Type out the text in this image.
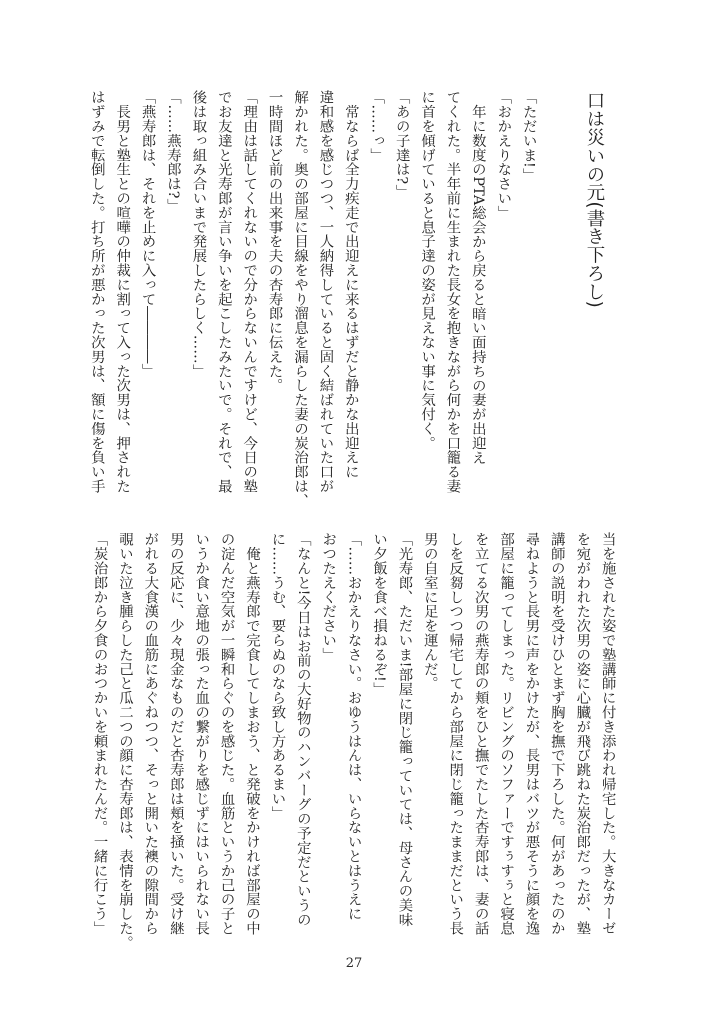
口は災いの元(書き下ろし)
「ただいま!」
「おかえりなさい」
　年に数度のPTA総会から戻ると暗い面持ちの妻が出迎え
てくれた。半年前に生まれた長女を抱きながら何かを口籠る妻
に首を傾げていると息子達の姿が見えない事に気付く。
「あの子達は?」
「……っ」
　常ならば全力疾走で出迎えに来るはずだと静かな出迎えに
違和感を感じつつ、一人納得していると固く結ばれていた口が
解かれた。奥の部屋に目線をやり溜息を漏らした妻の炭治郎は、
一時間ほど前の出来事を夫の杏寿郎に伝えた。
「理由は話してくれないので分からないんですけど、今日の塾
でお友達と光寿郎が言い争いを起こしたみたいで。それで、最
後は取っ組み合いまで発展したらしく……」
「……燕寿郎は?」
「燕寿郎は、それを止めに入って――――」
　長男と塾生との喧嘩の仲裁に割って入った次男は、押された
はずみで転倒した。打ち所が悪かった次男は、額に傷を負い手
当を施された姿で塾講師に付き添われ帰宅した。大きなカーゼ
を宛がわれた次男の姿に心臓が飛び跳ねた炭治郎だったが、塾
講師の説明を受けひとまず胸を撫で下ろした。何があったのか
尋ねようと長男に声をかけたが、長男はバツが悪そうに顔を逸
部屋に籠ってしまった。リビングのソファーですぅすぅと寝息
を立てる次男の燕寿郎の頬をひと撫でたした杏寿郎は、妻の話
しを反芻しつつ帰宅してから部屋に閉じ籠ったままだという長
男の自室に足を運んだ。
「光寿郎、ただいま!部屋に閉じ籠っていては、母さんの美味
い夕飯を食べ損ねるぞ!」
「……おかえりなさい。おゆうはんは、いらないとはうえに
おつたえください」
「なんと!今日はお前の大好物のハンバーグの予定だというの
に……うむ、要らぬのなら致し方あるまい」
　俺と燕寿郎で完食してしまおう、と発破をかければ部屋の中
の淀んだ空気が一瞬和らぐのを感じた。血筋というか己の子と
いうか食い意地の張った血の繋がりを感じずにはいられない長
男の反応に、少々現金なものだと杏寿郎は頬を掻いた。受け継
がれる大食漢の血筋にあぐねつつ、そっと開いた襖の隙間から
覗いた泣き腫らした己と瓜二つの顔に杏寿郎は、表情を崩した。
「炭治郎から夕食のおつかいを頼まれたんだ。一緒に行こう」
27
